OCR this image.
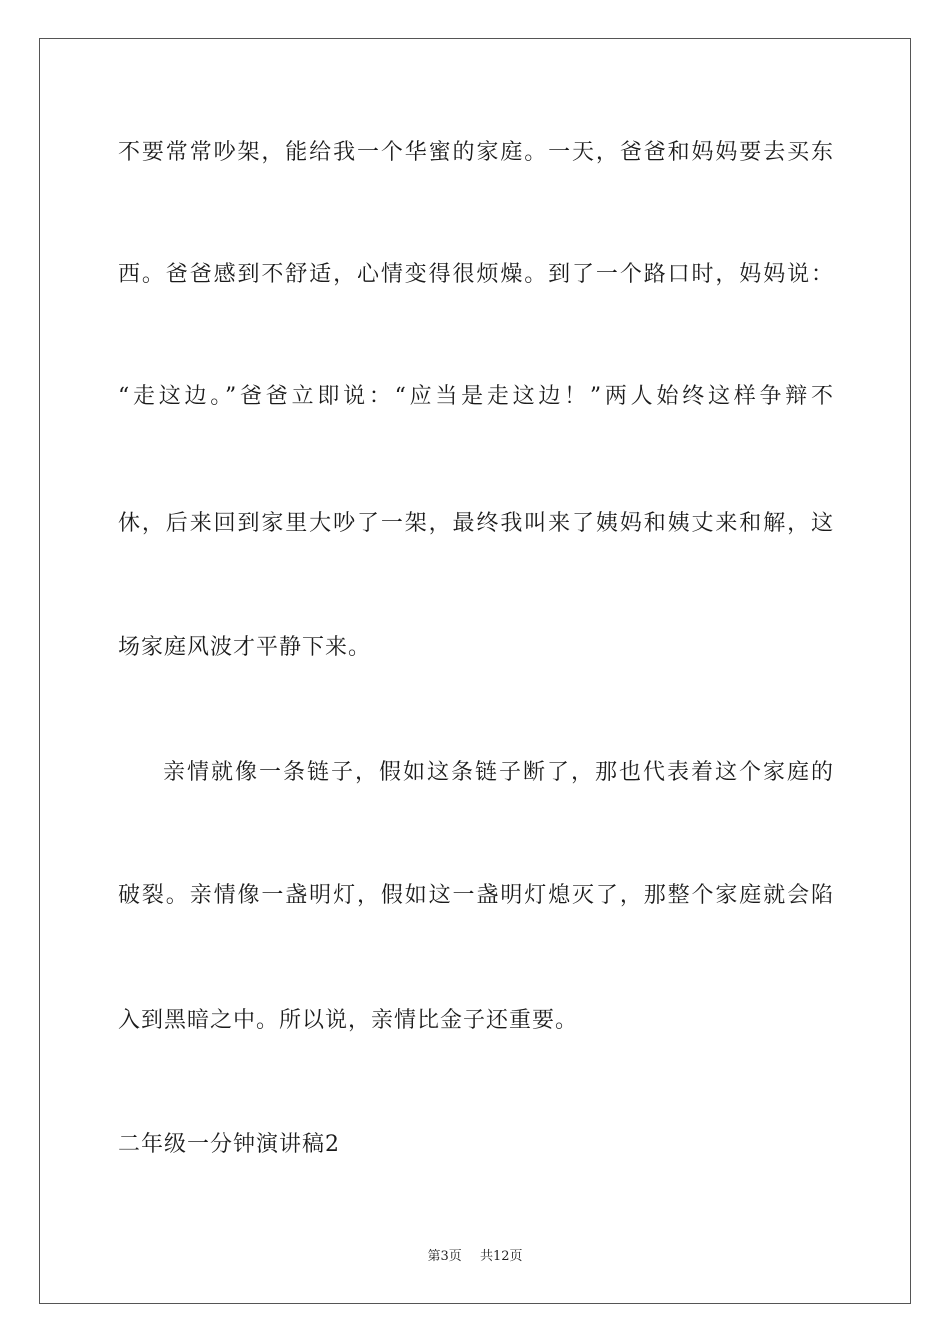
不要常常吵架，能给我一个华蜜的家庭。一天，爸爸和妈妈要去买东
西。爸爸感到不舒适，心情变得很烦燥。到了一个路口时，妈妈说：
“走这边。”爸爸立即说：“应当是走这边！”两人始终这样争辩不
休，后来回到家里大吵了一架，最终我叫来了姨妈和姨丈来和解，这
场家庭风波才平静下来。
亲情就像一条链子，假如这条链子断了，那也代表着这个家庭的
破裂。亲情像一盏明灯，假如这一盏明灯熄灭了，那整个家庭就会陷
入到黑暗之中。所以说，亲情比金子还重要。
二年级一分钟演讲稿2
第3页 共12页
